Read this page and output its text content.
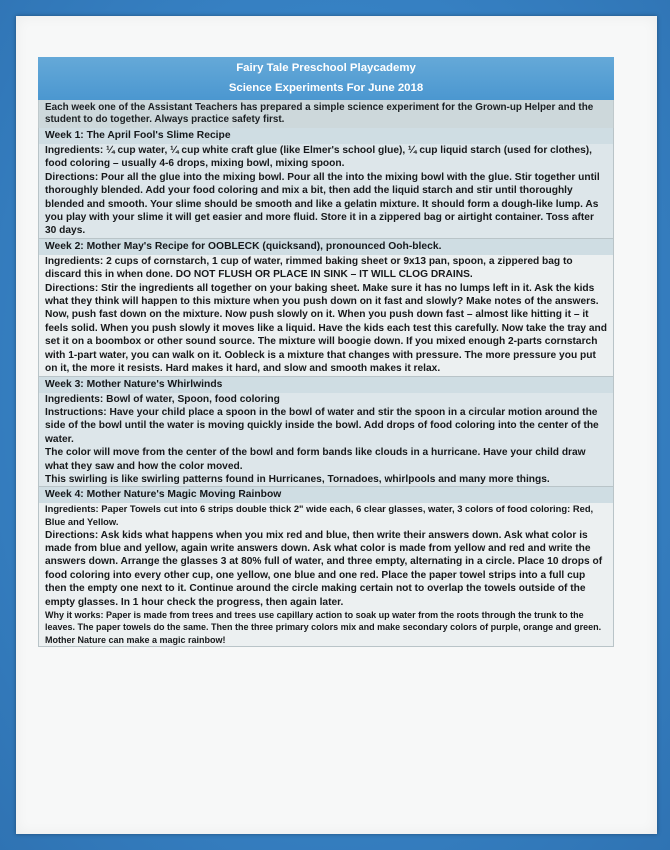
Fairy Tale Preschool Playcademy
Science Experiments For June 2018
Each week one of the Assistant Teachers has prepared a simple science experiment for the Grown-up Helper and the student to do together. Always practice safety first.
Week 1: The April Fool's Slime Recipe

Ingredients: ¼ cup water, ¼ cup white craft glue (like Elmer's school glue), ¼ cup liquid starch (used for clothes), food coloring – usually 4-6 drops, mixing bowl, mixing spoon.

Directions: Pour all the glue into the mixing bowl. Pour all the into the mixing bowl with the glue. Stir together until thoroughly blended. Add your food coloring and mix a bit, then add the liquid starch and stir until thoroughly blended and smooth. Your slime should be smooth and like a gelatin mixture. It should form a dough-like lump. As you play with your slime it will get easier and more fluid. Store it in a zippered bag or airtight container. Toss after 30 days.

Week 2: Mother May's Recipe for OOBLECK (quicksand), pronounced Ooh-bleck.

Ingredients: 2 cups of cornstarch, 1 cup of water, rimmed baking sheet or 9x13 pan, spoon, a zippered bag to discard this in when done. DO NOT FLUSH OR PLACE IN SINK – IT WILL CLOG DRAINS.

Directions: Stir the ingredients all together on your baking sheet. Make sure it has no lumps left in it. Ask the kids what they think will happen to this mixture when you push down on it fast and slowly? Make notes of the answers.

Now, push fast down on the mixture. Now push slowly on it. When you push down fast – almost like hitting it – it feels solid. When you push slowly it moves like a liquid. Have the kids each test this carefully. Now take the tray and set it on a boombox or other sound source. The mixture will boogie down. If you mixed enough 2-parts cornstarch with 1-part water, you can walk on it. Oobleck is a mixture that changes with pressure. The more pressure you put on it, the more it resists. Hard makes it hard, and slow and smooth makes it relax.

Week 3: Mother Nature's Whirlwinds

Ingredients: Bowl of water, Spoon, food coloring

Instructions: Have your child place a spoon in the bowl of water and stir the spoon in a circular motion around the side of the bowl until the water is moving quickly inside the bowl. Add drops of food coloring into the center of the water.

The color will move from the center of the bowl and form bands like clouds in a hurricane. Have your child draw what they saw and how the color moved.

This swirling is like swirling patterns found in Hurricanes, Tornadoes, whirlpools and many more things.

Week 4: Mother Nature's Magic Moving Rainbow

Ingredients: Paper Towels cut into 6 strips double thick 2" wide each, 6 clear glasses, water, 3 colors of food coloring: Red, Blue and Yellow.

Directions: Ask kids what happens when you mix red and blue, then write their answers down. Ask what color is made from blue and yellow, again write answers down. Ask what color is made from yellow and red and write the answers down. Arrange the glasses 3 at 80% full of water, and three empty, alternating in a circle. Place 10 drops of food coloring into every other cup, one yellow, one blue and one red. Place the paper towel strips into a full cup then the empty one next to it. Continue around the circle making certain not to overlap the towels outside of the empty glasses. In 1 hour check the progress, then again later.

Why it works: Paper is made from trees and trees use capillary action to soak up water from the roots through the trunk to the leaves. The paper towels do the same. Then the three primary colors mix and make secondary colors of purple, orange and green. Mother Nature can make a magic rainbow!
